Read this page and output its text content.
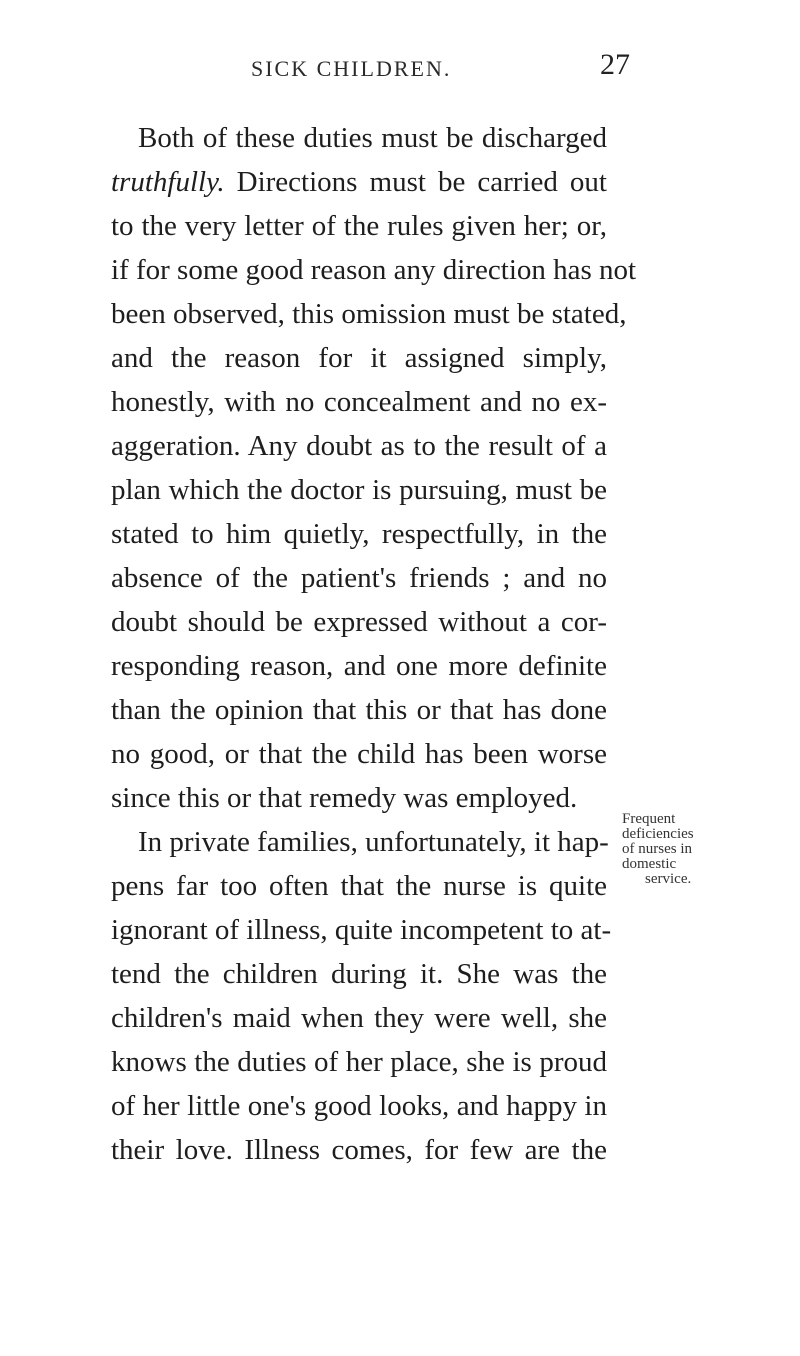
SICK CHILDREN.	27
Both of these duties must be discharged
truthfully. Directions must be carried out
to the very letter of the rules given her; or,
if for some good reason any direction has not
been observed, this omission must be stated,
and the reason for it assigned simply,
honestly, with no concealment and no ex-
aggeration. Any doubt as to the result of a
plan which the doctor is pursuing, must be
stated to him quietly, respectfully, in the
absence of the patient's friends ; and no
doubt should be expressed without a cor-
responding reason, and one more definite
than the opinion that this or that has done
no good, or that the child has been worse
since this or that remedy was employed.
In private families, unfortunately, it hap-
pens far too often that the nurse is quite
ignorant of illness, quite incompetent to at-
tend the children during it. She was the
children's maid when they were well, she
knows the duties of her place, she is proud
of her little one's good looks, and happy in
their love. Illness comes, for few are the
Frequent
deficiencies
of nurses in
domestic
service.
